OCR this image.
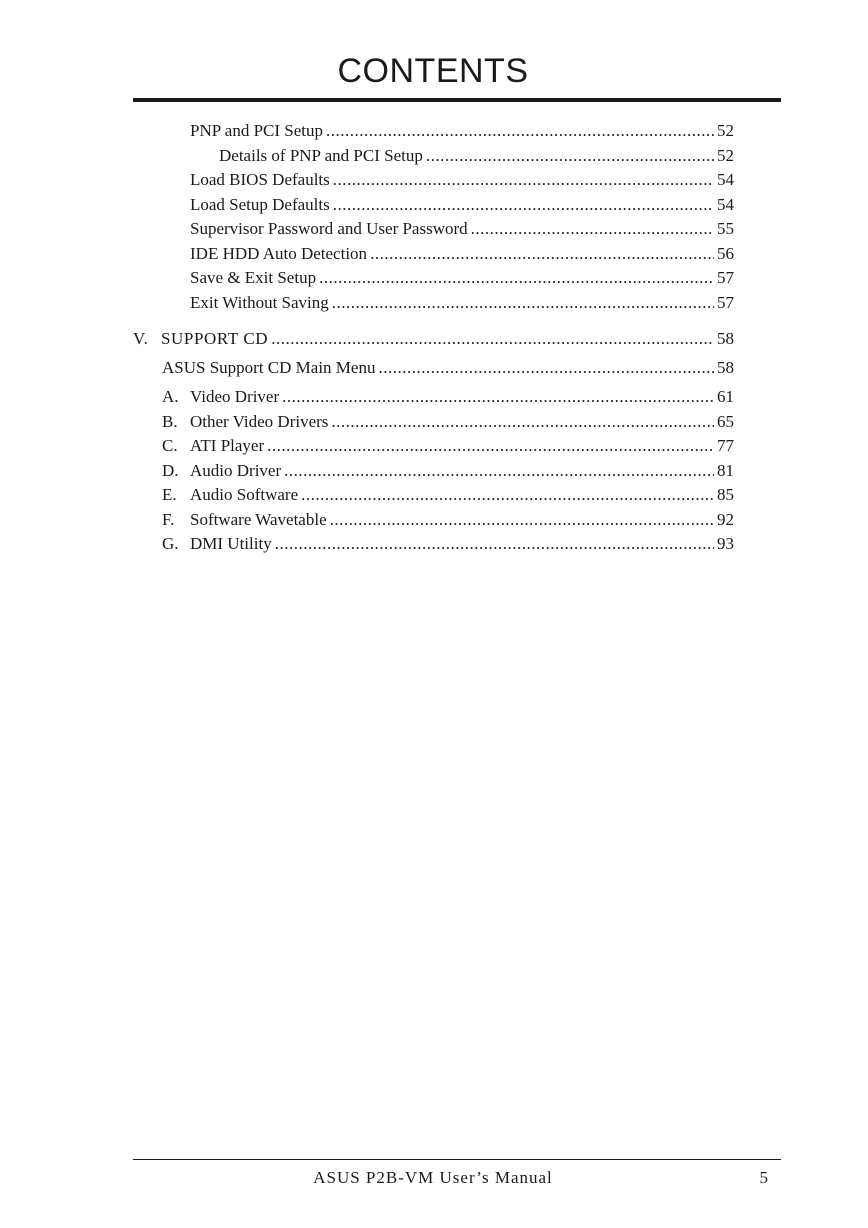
CONTENTS
PNP and PCI Setup .....	52
Details of PNP and PCI Setup .....	52
Load BIOS Defaults .....	54
Load Setup Defaults .....	54
Supervisor Password and User Password .....	55
IDE HDD Auto Detection .....	56
Save & Exit Setup .....	57
Exit Without Saving .....	57
V. SUPPORT CD .....	58
ASUS Support CD Main Menu .....	58
A. Video Driver .....	61
B. Other Video Drivers .....	65
C. ATI Player .....	77
D. Audio Driver .....	81
E. Audio Software .....	85
F. Software Wavetable .....	92
G. DMI Utility .....	93
ASUS P2B-VM User’s Manual	5
